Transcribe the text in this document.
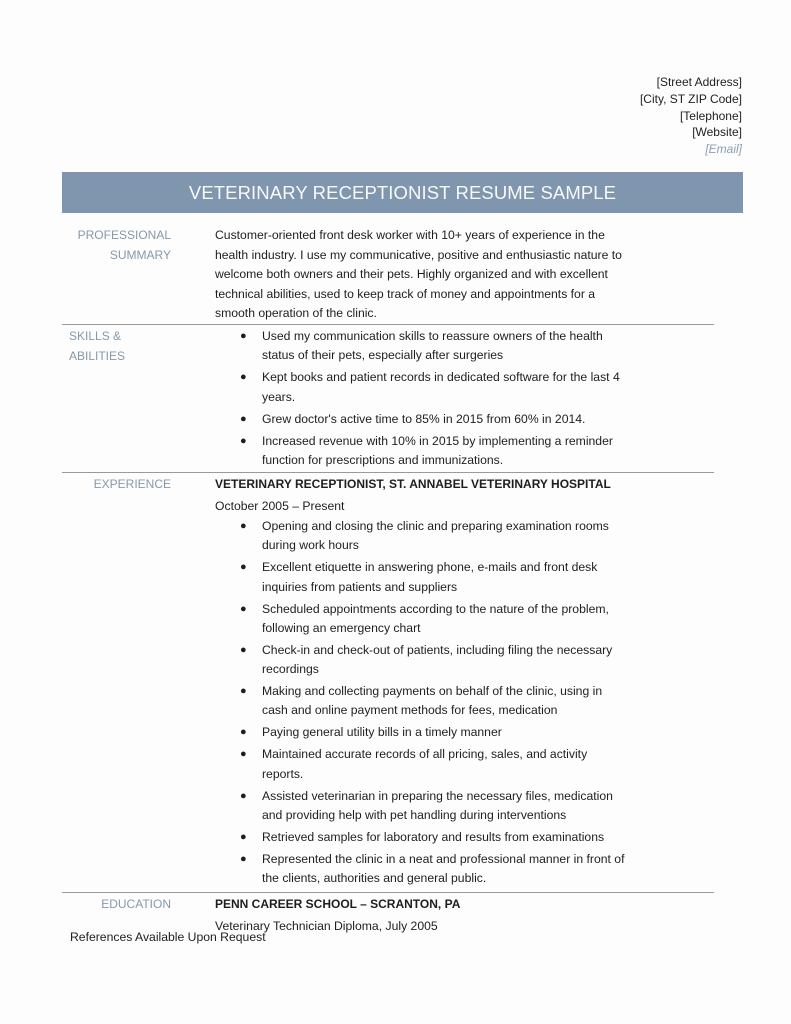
[Street Address]
[City, ST ZIP Code]
[Telephone]
[Website]
[Email]
VETERINARY RECEPTIONIST RESUME SAMPLE
PROFESSIONAL
SUMMARY
Customer-oriented front desk worker with 10+ years of experience in the
health industry. I use my communicative, positive and enthusiastic nature to
welcome both owners and their pets. Highly organized and with excellent
technical abilities, used to keep track of money and appointments for a
smooth operation of the clinic.
SKILLS & ABILITIES
● Used my communication skills to reassure owners of the health
status of their pets, especially after surgeries
● Kept books and patient records in dedicated software for the last 4
years.
● Grew doctor's active time to 85% in 2015 from 60% in 2014.
● Increased revenue with 10% in 2015 by implementing a reminder
function for prescriptions and immunizations.
EXPERIENCE	VETERINARY RECEPTIONIST, ST. ANNABEL VETERINARY HOSPITAL
October 2005 – Present
● Opening and closing the clinic and preparing examination rooms
during work hours
● Excellent etiquette in answering phone, e-mails and front desk
inquiries from patients and suppliers
● Scheduled appointments according to the nature of the problem,
following an emergency chart
● Check-in and check-out of patients, including filing the necessary
recordings
● Making and collecting payments on behalf of the clinic, using in
cash and online payment methods for fees, medication
● Paying general utility bills in a timely manner
● Maintained accurate records of all pricing, sales, and activity
reports.
● Assisted veterinarian in preparing the necessary files, medication
and providing help with pet handling during interventions
● Retrieved samples for laboratory and results from examinations
● Represented the clinic in a neat and professional manner in front of
the clients, authorities and general public.
EDUCATION	PENN CAREER SCHOOL – SCRANTON, PA
Veterinary Technician Diploma, July 2005
References Available Upon Request
